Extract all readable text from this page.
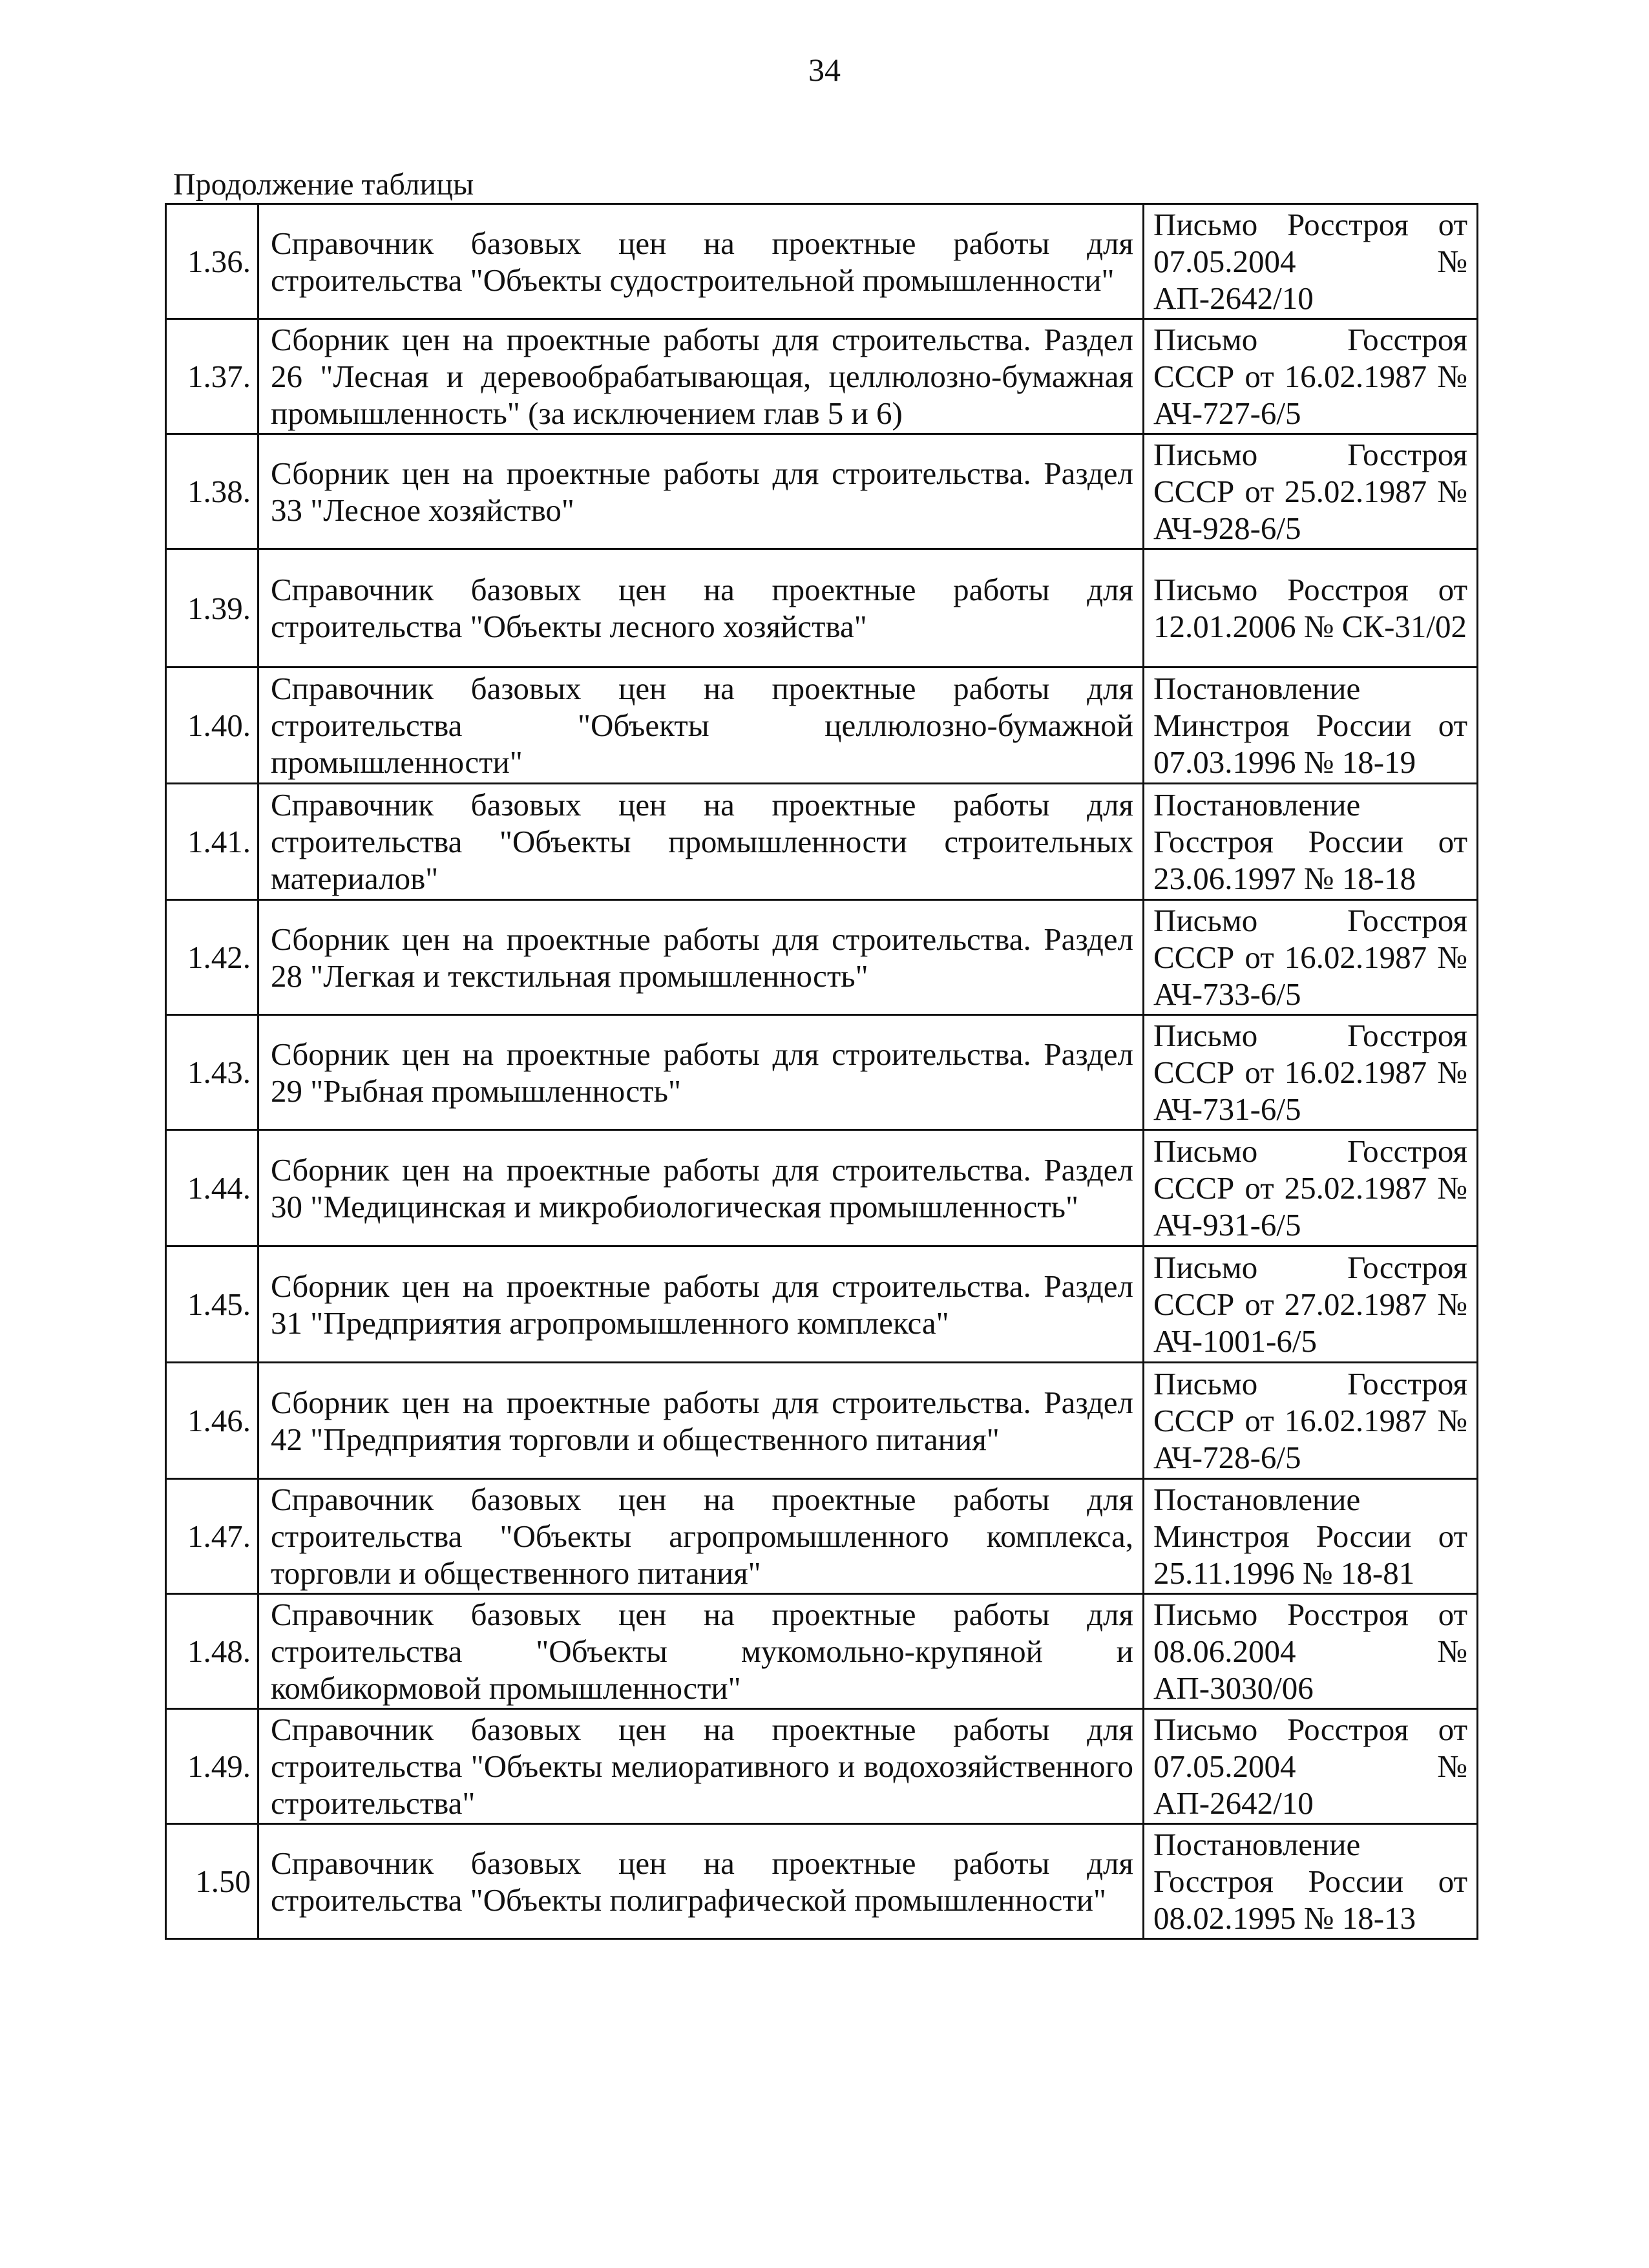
34
Продолжение таблицы
1.36.	Справочник базовых цен на проектные работы для строительства "Объекты судостроительной промышленности"	Письмо Росстроя от 07.05.2004 № АП-2642/10
1.37.	Сборник цен на проектные работы для строительства. Раздел 26 "Лесная и деревообрабатывающая, целлюлозно-бумажная промышленность" (за исключением глав 5 и 6)	Письмо Госстроя СССР от 16.02.1987 № АЧ-727-6/5
1.38.	Сборник цен на проектные работы для строительства. Раздел 33 "Лесное хозяйство"	Письмо Госстроя СССР от 25.02.1987 № АЧ-928-6/5
1.39.	Справочник базовых цен на проектные работы для строительства "Объекты лесного хозяйства"	Письмо Росстроя от 12.01.2006 № СК-31/02
1.40.	Справочник базовых цен на проектные работы для строительства "Объекты целлюлозно-бумажной промышленности"	Постановление Минстроя России от 07.03.1996 № 18-19
1.41.	Справочник базовых цен на проектные работы для строительства "Объекты промышленности строительных материалов"	Постановление Госстроя России от 23.06.1997 № 18-18
1.42.	Сборник цен на проектные работы для строительства. Раздел 28 "Легкая и текстильная промышленность"	Письмо Госстроя СССР от 16.02.1987 № АЧ-733-6/5
1.43.	Сборник цен на проектные работы для строительства. Раздел 29 "Рыбная промышленность"	Письмо Госстроя СССР от 16.02.1987 № АЧ-731-6/5
1.44.	Сборник цен на проектные работы для строительства. Раздел 30 "Медицинская и микробиологическая промышленность"	Письмо Госстроя СССР от 25.02.1987 № АЧ-931-6/5
1.45.	Сборник цен на проектные работы для строительства. Раздел 31 "Предприятия агропромышленного комплекса"	Письмо Госстроя СССР от 27.02.1987 № АЧ-1001-6/5
1.46.	Сборник цен на проектные работы для строительства. Раздел 42 "Предприятия торговли и общественного питания"	Письмо Госстроя СССР от 16.02.1987 № АЧ-728-6/5
1.47.	Справочник базовых цен на проектные работы для строительства "Объекты агропромышленного комплекса, торговли и общественного питания"	Постановление Минстроя России от 25.11.1996 № 18-81
1.48.	Справочник базовых цен на проектные работы для строительства "Объекты мукомольно-крупяной и комбикормовой промышленности"	Письмо Росстроя от 08.06.2004 № АП-3030/06
1.49.	Справочник базовых цен на проектные работы для строительства "Объекты мелиоративного и водохозяйственного строительства"	Письмо Росстроя от 07.05.2004 № АП-2642/10
1.50	Справочник базовых цен на проектные работы для строительства "Объекты полиграфической промышленности"	Постановление Госстроя России от 08.02.1995 № 18-13
